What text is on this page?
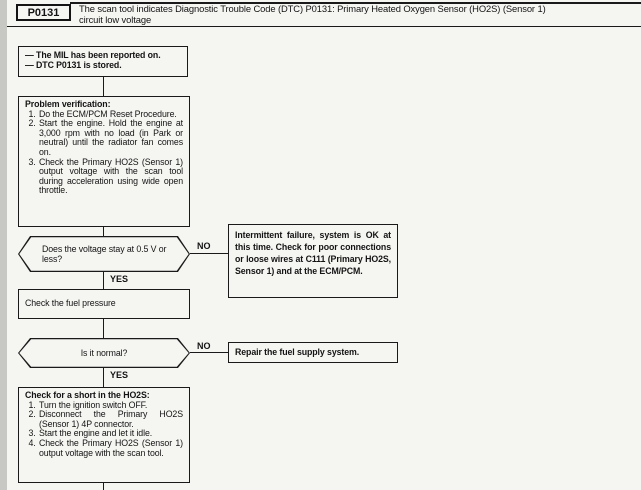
P0131 The scan tool indicates Diagnostic Trouble Code (DTC) P0131: Primary Heated Oxygen Sensor (HO2S) (Sensor 1)
circuit low voltage
— The MIL has been reported on.
— DTC P0131 is stored.
Problem verification:
1. Do the ECM/PCM Reset Procedure.
2. Start the engine. Hold the engine at 3,000 rpm with no load (in Park or neutral) until the radiator fan comes on.
3. Check the Primary HO2S (Sensor 1) output voltage with the scan tool during acceleration using wide open throttle.
Does the voltage stay at 0.5 V or less?
NO
Intermittent failure, system is OK at this time. Check for poor connections or loose wires at C111 (Primary HO2S, Sensor 1) and at the ECM/PCM.
YES
Check the fuel pressure
Is it normal?
NO
Repair the fuel supply system.
YES
Check for a short in the HO2S:
1. Turn the ignition switch OFF.
2. Disconnect the Primary HO2S (Sensor 1) 4P connector.
3. Start the engine and let it idle.
4. Check the Primary HO2S (Sensor 1) output voltage with the scan tool.
